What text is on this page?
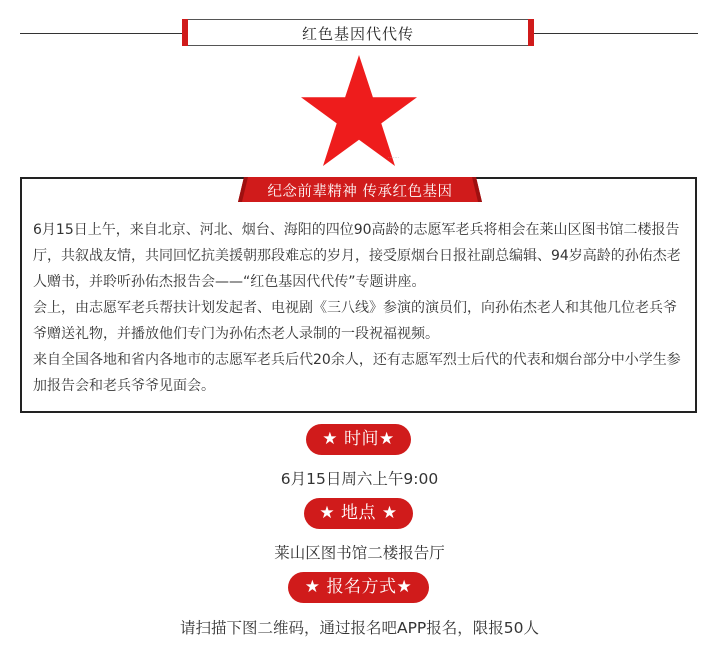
红色基因代代传
·······
纪念前辈精神 传承红色基因

6月15日上午，来自北京、河北、烟台、海阳的四位90高龄的志愿军老兵将相会在莱山区图书馆二楼报告厅，共叙战友情，共同回忆抗美援朝那段难忘的岁月，接受原烟台日报社副总编辑、94岁高龄的孙佑杰老人赠书，并聆听孙佑杰报告会——“红色基因代代传”专题讲座。

会上，由志愿军老兵帮扶计划发起者、电视剧《三八线》参演的演员们，向孙佑杰老人和其他几位老兵爷爷赠送礼物，并播放他们专门为孙佑杰老人录制的一段祝福视频。

来自全国各地和省内各地市的志愿军老兵后代20余人，还有志愿军烈士后代的代表和烟台部分中小学生参加报告会和老兵爷爷见面会。

★ 时间★
6月15日周六上午9:00
★ 地点 ★
莱山区图书馆二楼报告厅
★ 报名方式★
请扫描下图二维码，通过报名吧APP报名，限报50人
